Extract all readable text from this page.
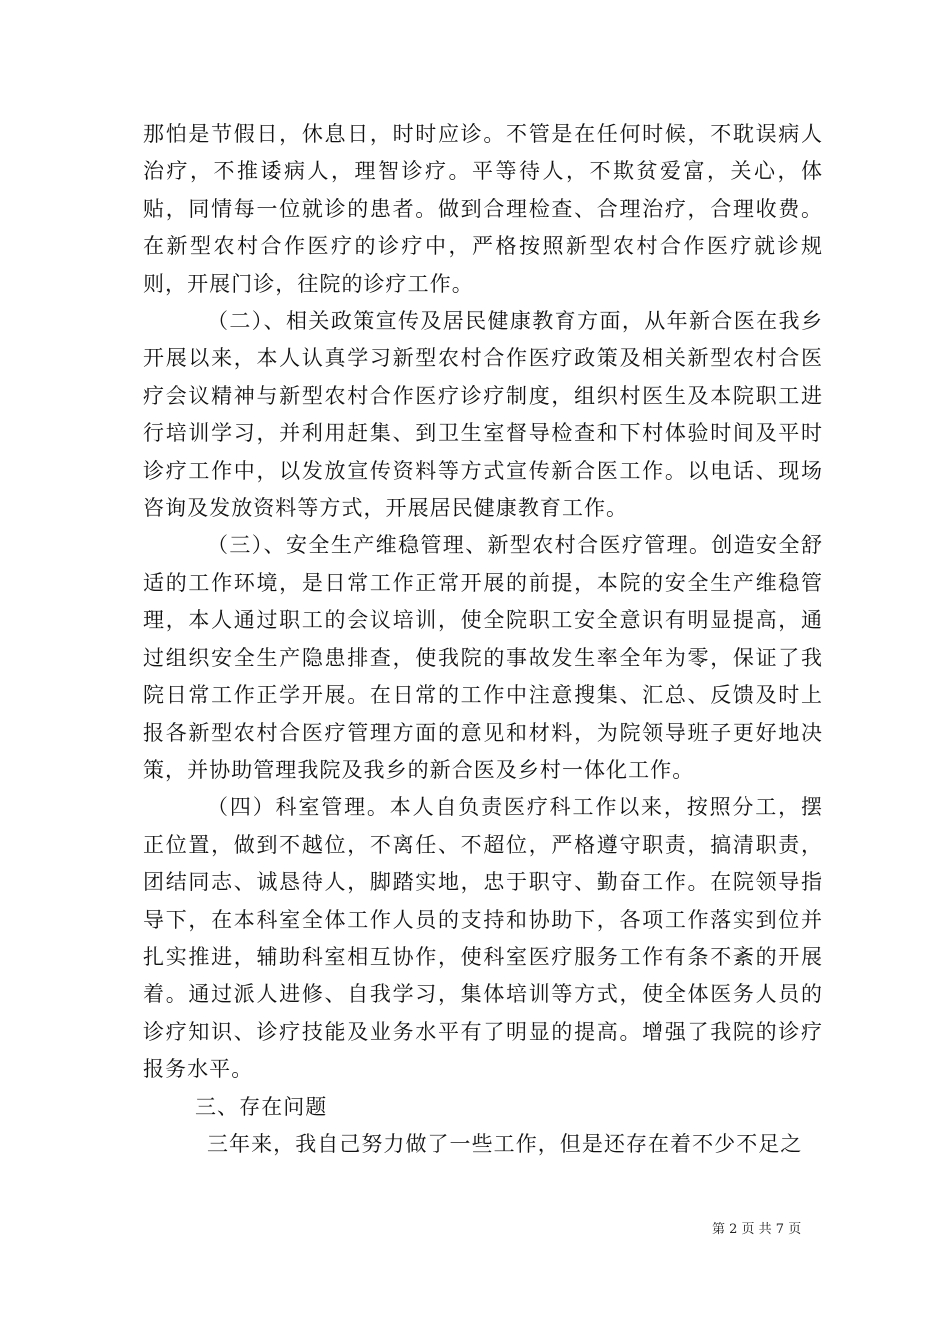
那怕是节假日，休息日，时时应诊。不管是在任何时候，不耽误病人治疗，不推诿病人，理智诊疗。平等待人，不欺贫爱富，关心，体贴，同情每一位就诊的患者。做到合理检查、合理治疗，合理收费。在新型农村合作医疗的诊疗中，严格按照新型农村合作医疗就诊规则，开展门诊，往院的诊疗工作。

（二）、相关政策宣传及居民健康教育方面，从年新合医在我乡开展以来，本人认真学习新型农村合作医疗政策及相关新型农村合医疗会议精神与新型农村合作医疗诊疗制度，组织村医生及本院职工进行培训学习，并利用赶集、到卫生室督导检查和下村体验时间及平时诊疗工作中，以发放宣传资料等方式宣传新合医工作。以电话、现场咨询及发放资料等方式，开展居民健康教育工作。

（三）、安全生产维稳管理、新型农村合医疗管理。创造安全舒适的工作环境，是日常工作正常开展的前提，本院的安全生产维稳管理，本人通过职工的会议培训，使全院职工安全意识有明显提高，通过组织安全生产隐患排查，使我院的事故发生率全年为零，保证了我院日常工作正学开展。在日常的工作中注意搜集、汇总、反馈及时上报各新型农村合医疗管理方面的意见和材料，为院领导班子更好地决策，并协助管理我院及我乡的新合医及乡村一体化工作。

（四）科室管理。本人自负责医疗科工作以来，按照分工，摆正位置，做到不越位，不离任、不超位，严格遵守职责，搞清职责，团结同志、诚恳待人，脚踏实地，忠于职守、勤奋工作。在院领导指导下，在本科室全体工作人员的支持和协助下，各项工作落实到位并扎实推进，辅助科室相互协作，使科室医疗服务工作有条不紊的开展着。通过派人进修、自我学习，集体培训等方式，使全体医务人员的诊疗知识、诊疗技能及业务水平有了明显的提高。增强了我院的诊疗报务水平。

三、存在问题

三年来，我自己努力做了一些工作，但是还存在着不少不足之

第 2 页 共 7 页
